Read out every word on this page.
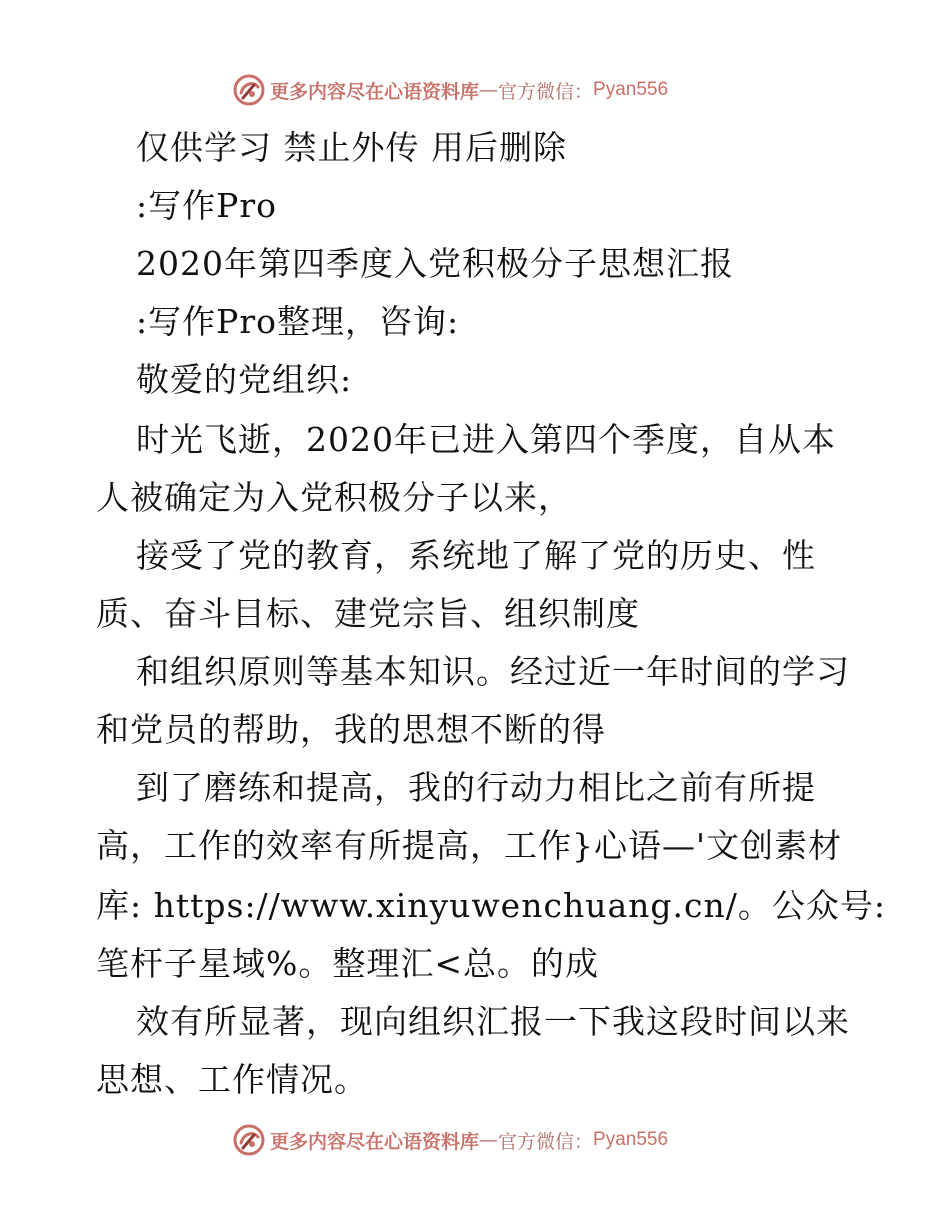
更多内容尽在心语资料库 — 官方微信： Pyan556
仅供学习 禁止外传 用后删除
:写作Pro
2020年第四季度入党积极分子思想汇报
:写作Pro整理，咨询:
敬爱的党组织:
时光飞逝，2020年已进入第四个季度，自从本
人被确定为入党积极分子以来，
接受了党的教育，系统地了解了党的历史、性
质、奋斗目标、建党宗旨、组织制度
和组织原则等基本知识。经过近一年时间的学习
和党员的帮助，我的思想不断的得
到了磨练和提高，我的行动力相比之前有所提
高，工作的效率有所提高，工作}心语—'文创素材
库: https://www.xinyuwenchuang.cn/。公众号:
笔杆子星域%。整理汇<总。的成
效有所显著，现向组织汇报一下我这段时间以来
思想、工作情况。
更多内容尽在心语资料库 — 官方微信： Pyan556
